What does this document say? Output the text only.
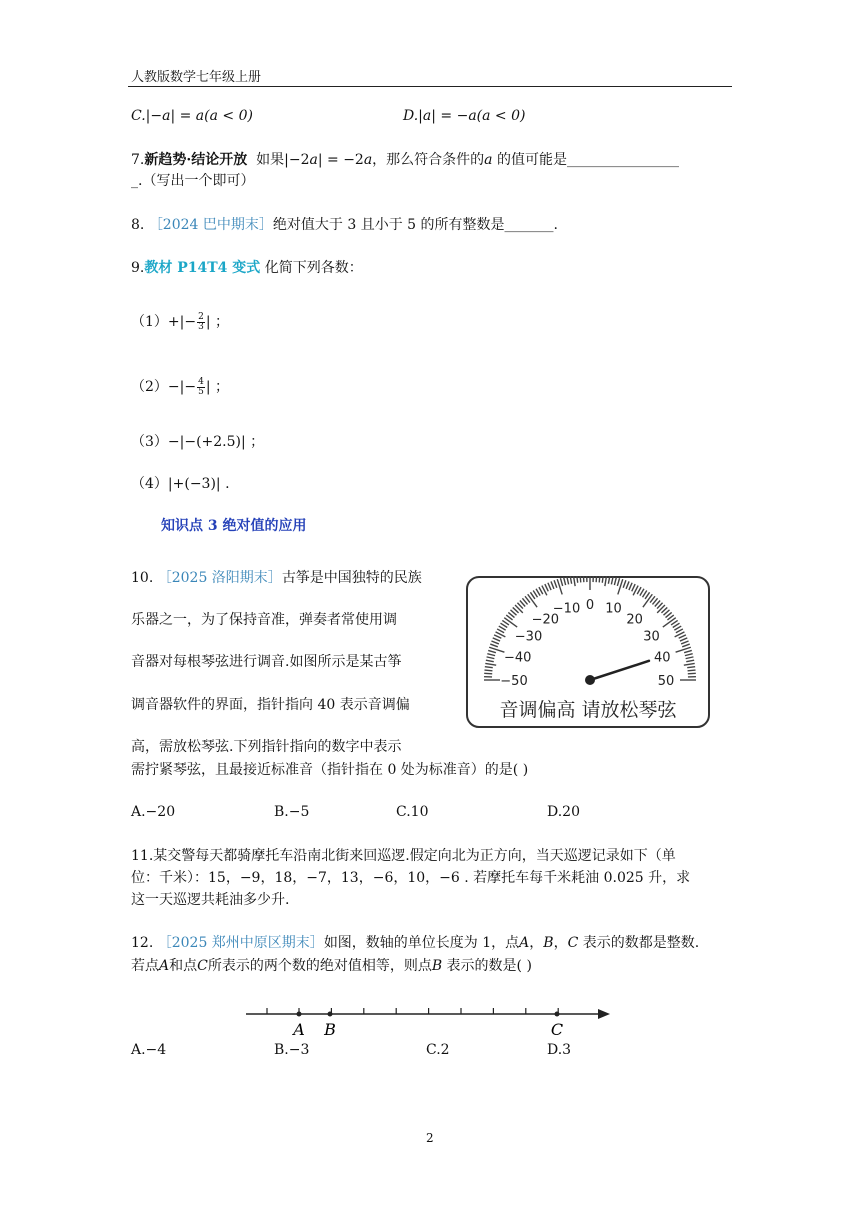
人教版数学七年级上册
C.|−𝑎| = 𝑎(𝑎 < 0)	D.|𝑎| = −𝑎(𝑎 < 0)
7.新趋势·结论开放 如果|−2𝑎| = −2𝑎，那么符合条件的𝑎 的值可能是________________
_.（写出一个即可）
8. ［2024 巴中期末］绝对值大于 3 且小于 5 的所有整数是_______.
9.教材 P14T4 变式 化简下列各数：
$(1)+|- \frac{2}{3}$ | ；
$(2)-|- \frac{4}{5}$ | ；
（3）−|−(+2.5)| ；
（4）|+(−3)| .
知识点 3 绝对值的应用
10. ［2025 洛阳期末］古筝是中国独特的民族
乐器之一，为了保持音准，弹奏者常使用调
音器对每根琴弦进行调音.如图所示是某古筝
调音器软件的界面，指针指向 40 表示音调偏
高，需放松琴弦.下列指针指向的数字中表示
需拧紧琴弦，且最接近标准音（指针指在 0 处为标准音）的是( )
−50
−40
−30
−20
−10 0 10
20
30
40
50
音调偏高 请放松琴弦
A.−20	B.−5	C.10	D.20
11.某交警每天都骑摩托车沿南北街来回巡逻.假定向北为正方向，当天巡逻记录如下（单
位：千米）：15，−9，18，−7，13，−6，10，−6 . 若摩托车每千米耗油 0.025 升，求
这一天巡逻共耗油多少升.
12. ［2025 郑州中原区期末］如图，数轴的单位长度为 1，点𝐴，𝐵，𝐶 表示的数都是整数.
若点𝐴和点𝐶所表示的两个数的绝对值相等，则点𝐵 表示的数是( )
A B	C
A.−4	B.−3	C.2	D.3
2
